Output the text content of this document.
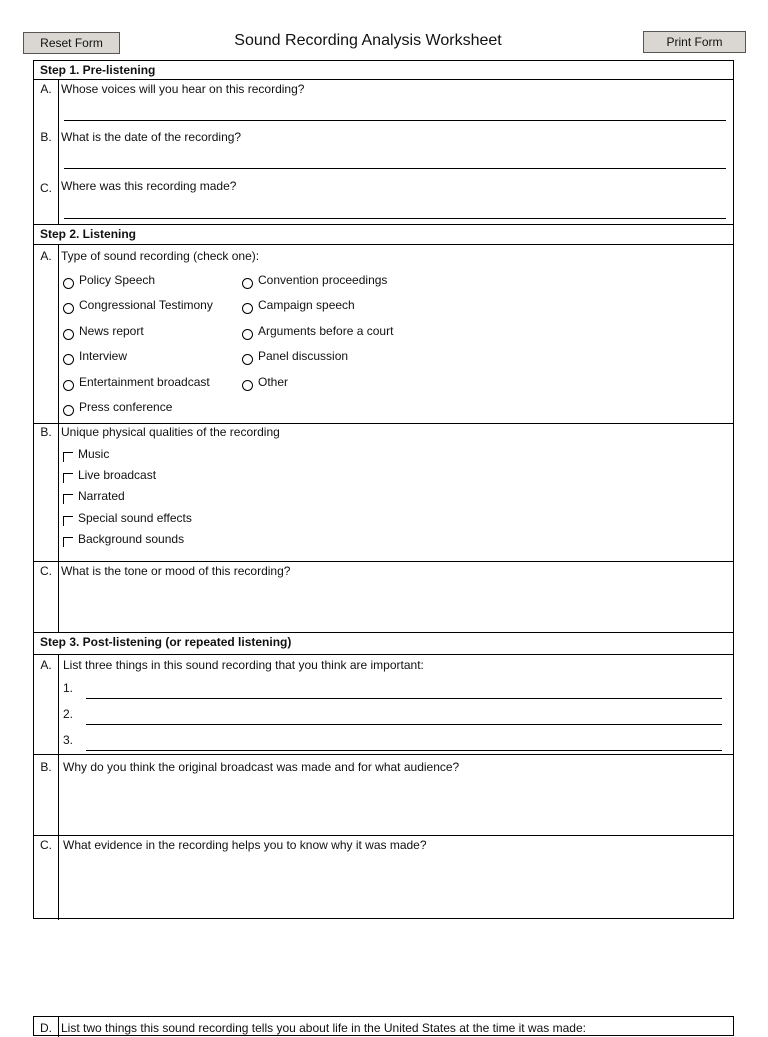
Reset Form	Sound Recording Analysis Worksheet	Print Form
Step 1. Pre-listening
A. Whose voices will you hear on this recording?
B. What is the date of the recording?
C. Where was this recording made?
Step 2. Listening
A. Type of sound recording (check one):
Policy Speech
Congressional Testimony
News report
Interview
Entertainment broadcast
Press conference
Convention proceedings
Campaign speech
Arguments before a court
Panel discussion
Other
B. Unique physical qualities of the recording
Music
Live broadcast
Narrated
Special sound effects
Background sounds
C. What is the tone or mood of this recording?
Step 3. Post-listening (or repeated listening)
A. List three things in this sound recording that you think are important:
1.
2.
3.
B. Why do you think the original broadcast was made and for what audience?
C. What evidence in the recording helps you to know why it was made?
D. List two things this sound recording tells you about life in the United States at the time it was made:
